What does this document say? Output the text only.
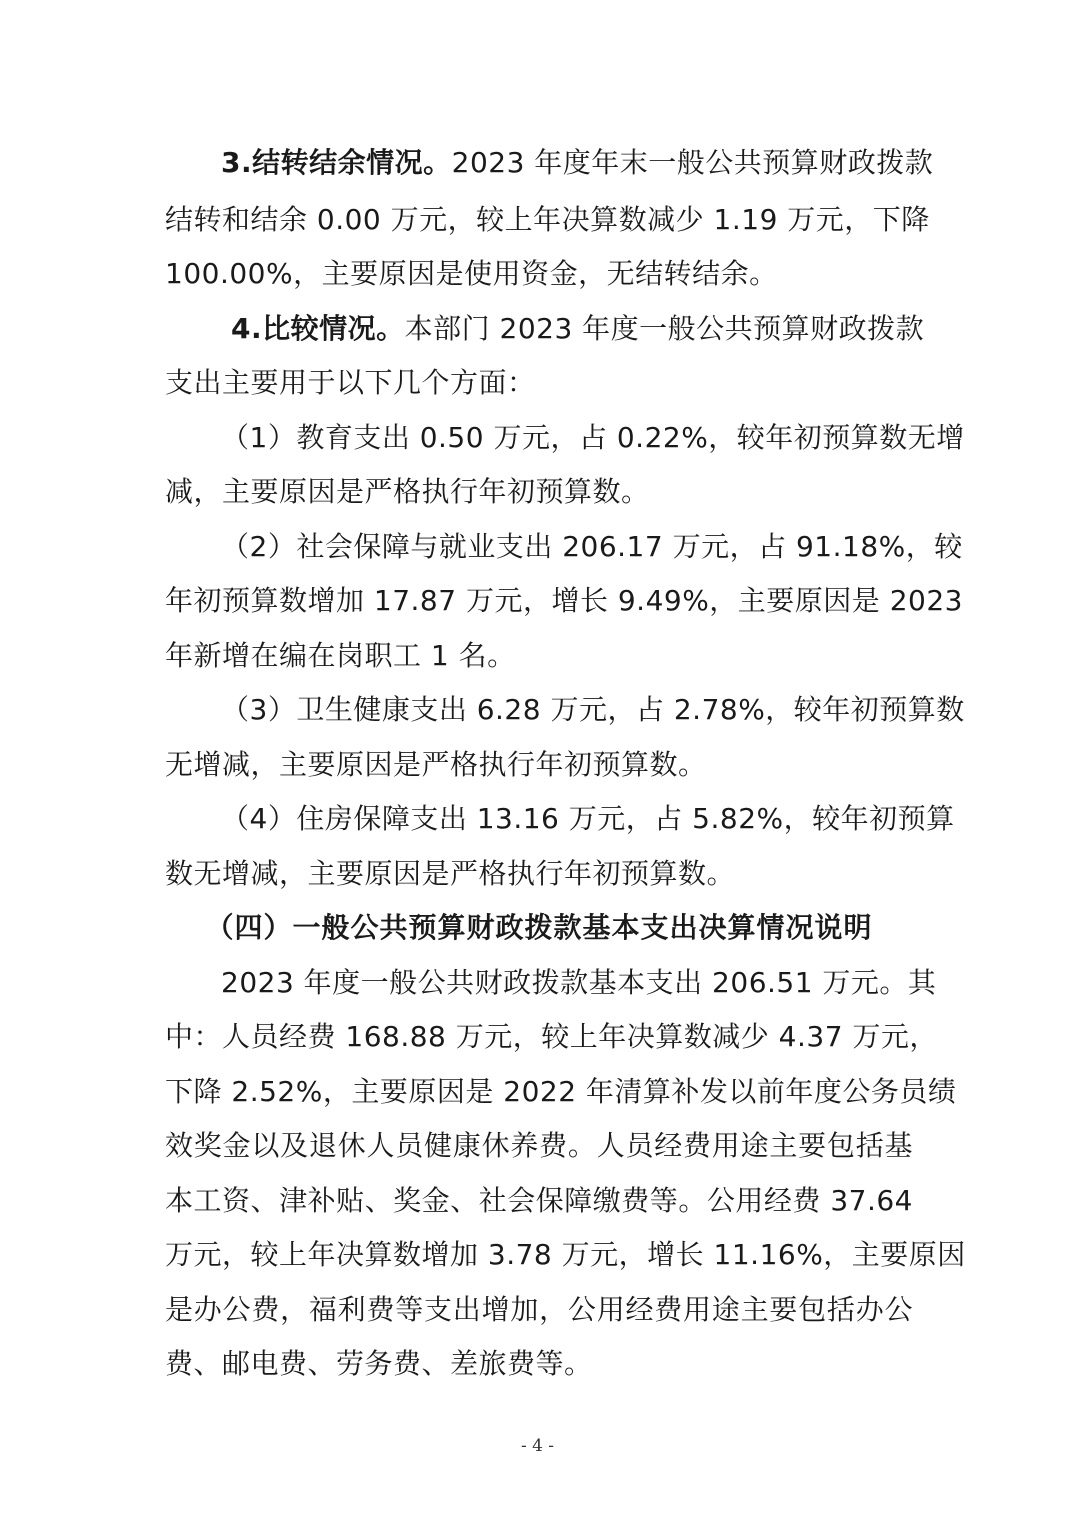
3.结转结余情况。2023 年度年末一般公共预算财政拨款
结转和结余 0.00 万元，较上年决算数减少 1.19 万元，下降
100.00%，主要原因是使用资金，无结转结余。
4.比较情况。本部门 2023 年度一般公共预算财政拨款
支出主要用于以下几个方面：
（1）教育支出 0.50 万元，占 0.22%，较年初预算数无增
减，主要原因是严格执行年初预算数。
（2）社会保障与就业支出 206.17 万元，占 91.18%，较
年初预算数增加 17.87 万元，增长 9.49%，主要原因是 2023
年新增在编在岗职工 1 名。
（3）卫生健康支出 6.28 万元，占 2.78%，较年初预算数
无增减，主要原因是严格执行年初预算数。
（4）住房保障支出 13.16 万元，占 5.82%，较年初预算
数无增减，主要原因是严格执行年初预算数。
（四）一般公共预算财政拨款基本支出决算情况说明
2023 年度一般公共财政拨款基本支出 206.51 万元。其
中：人员经费 168.88 万元，较上年决算数减少 4.37 万元，
下降 2.52%，主要原因是 2022 年清算补发以前年度公务员绩
效奖金以及退休人员健康休养费。人员经费用途主要包括基
本工资、津补贴、奖金、社会保障缴费等。公用经费 37.64
万元，较上年决算数增加 3.78 万元，增长 11.16%，主要原因
是办公费，福利费等支出增加，公用经费用途主要包括办公
费、邮电费、劳务费、差旅费等。
- 4 -
